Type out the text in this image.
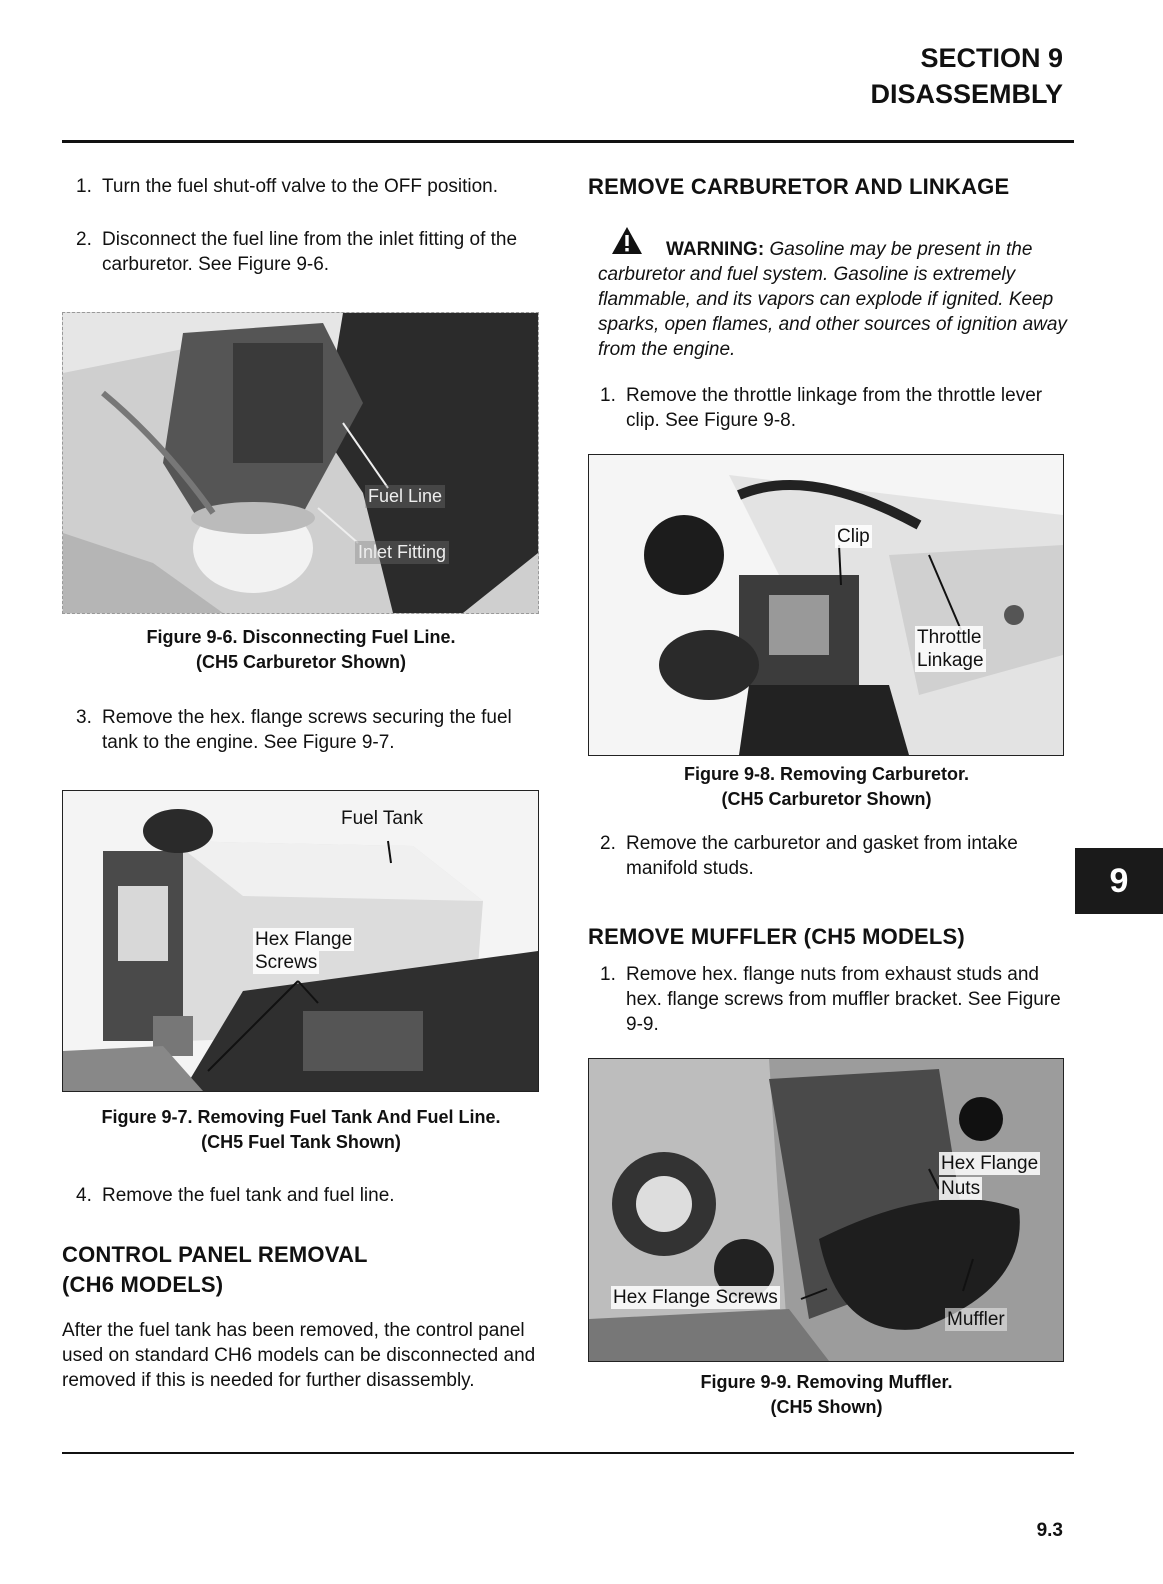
SECTION 9
DISASSEMBLY
1. Turn the fuel shut-off valve to the OFF position.
2. Disconnect the fuel line from the inlet fitting of the carburetor. See Figure 9-6.
Fuel Line
Inlet Fitting
Figure 9-6. Disconnecting Fuel Line.
(CH5 Carburetor Shown)
3. Remove the hex. flange screws securing the fuel tank to the engine. See Figure 9-7.
Fuel Tank
Hex Flange
Screws
Figure 9-7. Removing Fuel Tank And Fuel Line.
(CH5 Fuel Tank Shown)
4. Remove the fuel tank and fuel line.
CONTROL PANEL REMOVAL
(CH6 MODELS)
After the fuel tank has been removed, the control panel used on standard CH6 models can be disconnected and removed if this is needed for further disassembly.
REMOVE CARBURETOR AND LINKAGE
WARNING: Gasoline may be present in the carburetor and fuel system. Gasoline is extremely flammable, and its vapors can explode if ignited. Keep sparks, open flames, and other sources of ignition away from the engine.
1. Remove the throttle linkage from the throttle lever clip. See Figure 9-8.
Clip
Throttle
Linkage
Figure 9-8. Removing Carburetor.
(CH5 Carburetor Shown)
2. Remove the carburetor and gasket from intake manifold studs.
REMOVE MUFFLER (CH5 MODELS)
1. Remove hex. flange nuts from exhaust studs and hex. flange screws from muffler bracket. See Figure 9-9.
Hex Flange
Nuts
Hex Flange Screws
Muffler
Figure 9-9. Removing Muffler.
(CH5 Shown)
9
9.3
